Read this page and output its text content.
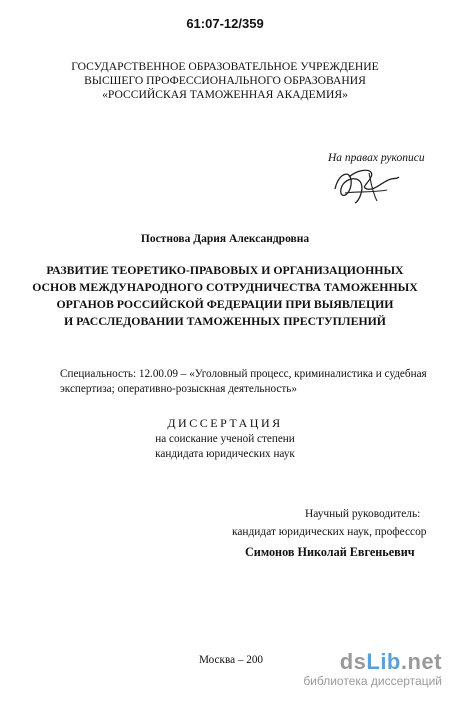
61:07-12/359
ГОСУДАРСТВЕННОЕ ОБРАЗОВАТЕЛЬНОЕ УЧРЕЖДЕНИЕ
ВЫСШЕГО ПРОФЕССИОНАЛЬНОГО ОБРАЗОВАНИЯ
«РОССИЙСКАЯ ТАМОЖЕННАЯ АКАДЕМИЯ»
На правах рукописи
Постнова Дария Александровна
РАЗВИТИЕ ТЕОРЕТИКО-ПРАВОВЫХ И ОРГАНИЗАЦИОННЫХ
ОСНОВ МЕЖДУНАРОДНОГО СОТРУДНИЧЕСТВА ТАМОЖЕННЫХ
ОРГАНОВ РОССИЙСКОЙ ФЕДЕРАЦИИ ПРИ ВЫЯВЛЕЦИИ
И РАССЛЕДОВАНИИ ТАМОЖЕННЫХ ПРЕСТУПЛЕНИЙ
Специальность: 12.00.09 – «Уголовный процесс, криминалистика и судебная
экспертиза; оперативно-розыскная деятельность»
ДИССЕРТАЦИЯ
на соискание ученой степени
кандидата юридических наук
Научный руководитель:
кандидат юридических наук, профессор
Симонов Николай Евгеньевич
Москва – 200	dsLib.net
библиотека диссертаций
